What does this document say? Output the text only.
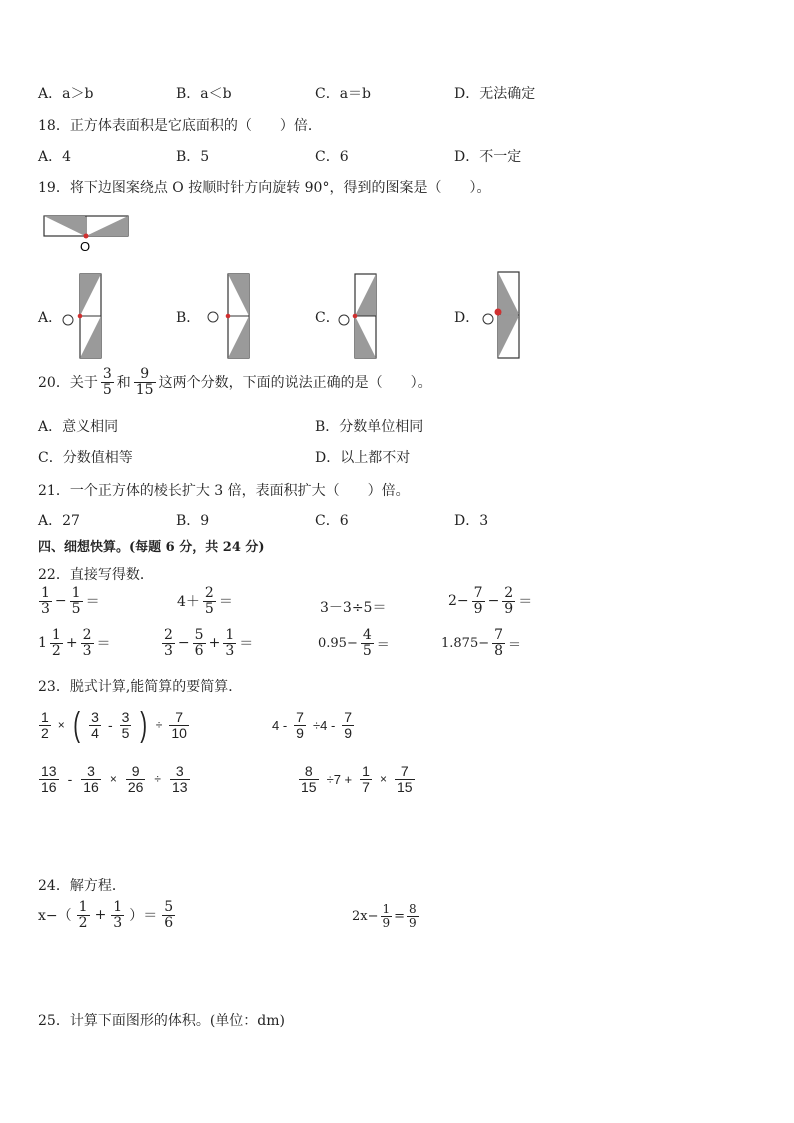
A．a＞b	B．a＜b	C．a＝b	D．无法确定
18．正方体表面积是它底面积的（　　）倍．
A．4	B．5	C．6	D．不一定
19．将下边图案绕点 O 按顺时针方向旋转 90°，得到的图案是（　　）。
O
A．	B．	C．	D．
20．关于 $\frac{3}{5}$ 和 $\frac{9}{15}$ 这两个分数，下面的说法正确的是（　　）。
A．意义相同	B．分数单位相同
C．分数值相等	D．以上都不对
21．一个正方体的棱长扩大 3 倍，表面积扩大（　　）倍。
A．27	B．9	C．6	D．3
四、细想快算。(每题 6 分，共 24 分)
22．直接写得数．
$\frac{1}{3} - \frac{1}{5}$ ＝	$4+ \frac{2}{5}$ ＝	3－3÷5＝	$2- \frac{7}{9} - \frac{2}{9}$ ＝
$1 \frac{1}{2} + \frac{2}{3}$ ＝	$\frac{2}{3} - \frac{5}{6} + \frac{1}{3}$ ＝	$0.95- \frac{4}{5}$ ＝	$1.875- \frac{7}{8}$ ＝
23．脱式计算,能简算的要简算．
$\frac{1}{2}$ × ( $\frac{3}{4} - \frac{3}{5}$ ) ÷ $\frac{7}{10}$	$4 - \frac{7}{9} \div 4 - \frac{7}{9}$
$\frac{13}{16} - \frac{3}{16} \times \frac{9}{26} \div \frac{3}{13}$	$\frac{8}{15} \div 7 + \frac{1}{7} \times \frac{7}{15}$
24．解方程．
$x-( \frac{1}{2} + \frac{1}{3}$ ）＝ $\frac{5}{6}$	$2x- \frac{1}{9} = \frac{8}{9}$
25．计算下面图形的体积。(单位：dm)
